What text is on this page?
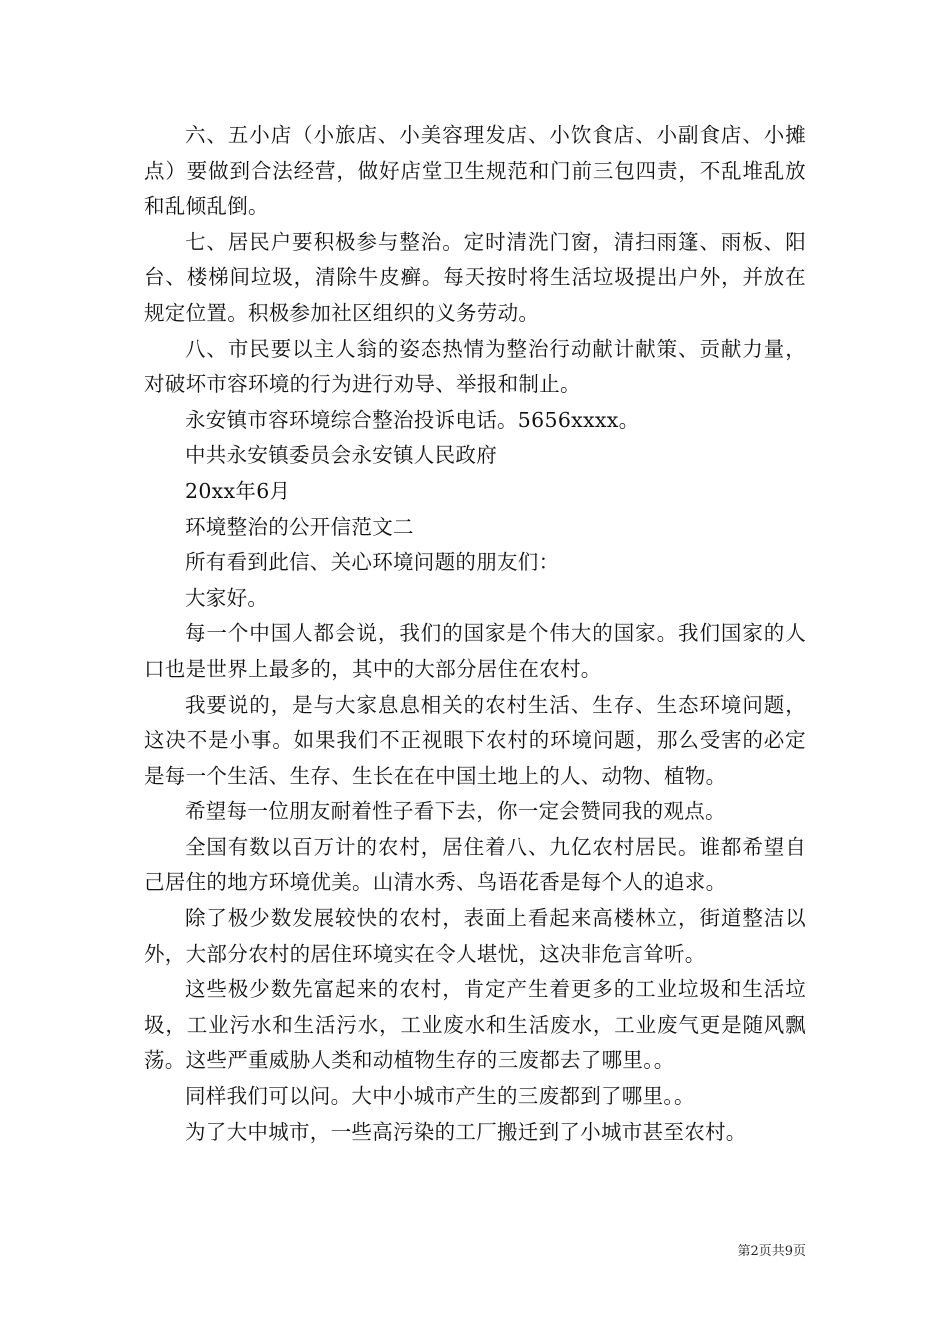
六、五小店（小旅店、小美容理发店、小饮食店、小副食店、小摊点）要做到合法经营，做好店堂卫生规范和门前三包四责，不乱堆乱放和乱倾乱倒。

七、居民户要积极参与整治。定时清洗门窗，清扫雨篷、雨板、阳台、楼梯间垃圾，清除牛皮癣。每天按时将生活垃圾提出户外，并放在规定位置。积极参加社区组织的义务劳动。

八、市民要以主人翁的姿态热情为整治行动献计献策、贡献力量，对破坏市容环境的行为进行劝导、举报和制止。

永安镇市容环境综合整治投诉电话。5656xxxx。

中共永安镇委员会永安镇人民政府

20xx年6月

环境整治的公开信范文二

所有看到此信、关心环境问题的朋友们：

大家好。

每一个中国人都会说，我们的国家是个伟大的国家。我们国家的人口也是世界上最多的，其中的大部分居住在农村。

我要说的，是与大家息息相关的农村生活、生存、生态环境问题，这决不是小事。如果我们不正视眼下农村的环境问题，那么受害的必定是每一个生活、生存、生长在在中国土地上的人、动物、植物。

希望每一位朋友耐着性子看下去，你一定会赞同我的观点。

全国有数以百万计的农村，居住着八、九亿农村居民。谁都希望自己居住的地方环境优美。山清水秀、鸟语花香是每个人的追求。

除了极少数发展较快的农村，表面上看起来高楼林立，街道整洁以外，大部分农村的居住环境实在令人堪忧，这决非危言耸听。

这些极少数先富起来的农村，肯定产生着更多的工业垃圾和生活垃圾，工业污水和生活污水，工业废水和生活废水，工业废气更是随风飘荡。这些严重威胁人类和动植物生存的三废都去了哪里。。

同样我们可以问。大中小城市产生的三废都到了哪里。。

为了大中城市，一些高污染的工厂搬迁到了小城市甚至农村。

第2页共9页
